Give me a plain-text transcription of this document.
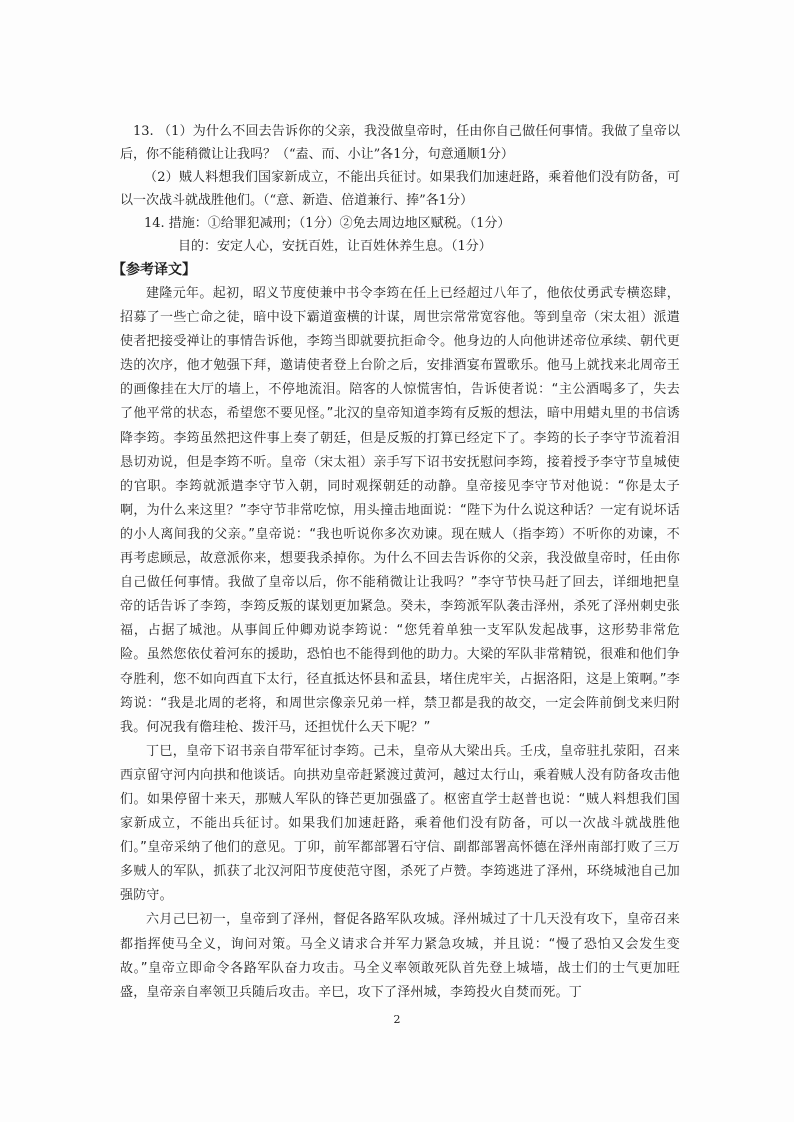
13. （1）为什么不回去告诉你的父亲，我没做皇帝时，任由你自己做任何事情。我做了皇帝以后，你不能稍微让让我吗？（“盍、而、小让”各1分，句意通顺1分）

（2）贼人料想我们国家新成立，不能出兵征讨。如果我们加速赶路，乘着他们没有防备，可以一次战斗就战胜他们。（“意、新造、倍道兼行、捧”各1分）

14. 措施：①给罪犯减刑；（1分）②免去周边地区赋税。（1分）

目的：安定人心，安抚百姓，让百姓休养生息。（1分）

【参考译文】

建隆元年。起初，昭义节度使兼中书令李筠在任上已经超过八年了，他依仗勇武专横恣肆，招募了一些亡命之徒，暗中设下霸道蛮横的计谋，周世宗常常宽容他。等到皇帝（宋太祖）派遣使者把接受禅让的事情告诉他，李筠当即就要抗拒命令。他身边的人向他讲述帝位承续、朝代更迭的次序，他才勉强下拜，邀请使者登上台阶之后，安排酒宴布置歌乐。他马上就找来北周帝王的画像挂在大厅的墙上，不停地流泪。陪客的人惊慌害怕，告诉使者说：“主公酒喝多了，失去了他平常的状态，希望您不要见怪。”北汉的皇帝知道李筠有反叛的想法，暗中用蜡丸里的书信诱降李筠。李筠虽然把这件事上奏了朝廷，但是反叛的打算已经定下了。李筠的长子李守节流着泪恳切劝说，但是李筠不听。皇帝（宋太祖）亲手写下诏书安抚慰问李筠，接着授予李守节皇城使的官职。李筠就派遣李守节入朝，同时观探朝廷的动静。皇帝接见李守节对他说：“你是太子啊，为什么来这里？”李守节非常吃惊，用头撞击地面说：“陛下为什么说这种话？一定有说坏话的小人离间我的父亲。”皇帝说：“我也听说你多次劝谏。现在贼人（指李筠）不听你的劝谏，不再考虑顾忌，故意派你来，想要我杀掉你。为什么不回去告诉你的父亲，我没做皇帝时，任由你自己做任何事情。我做了皇帝以后，你不能稍微让让我吗？”李守节快马赶了回去，详细地把皇帝的话告诉了李筠，李筠反叛的谋划更加紧急。癸未，李筠派军队袭击泽州，杀死了泽州刺史张福，占据了城池。从事闾丘仲卿劝说李筠说：“您凭着单独一支军队发起战事，这形势非常危险。虽然您依仗着河东的援助，恐怕也不能得到他的助力。大梁的军队非常精锐，很难和他们争夺胜利，您不如向西直下太行，径直抵达怀县和孟县，堵住虎牢关，占据洛阳，这是上策啊。”李筠说：“我是北周的老将，和周世宗像亲兄弟一样，禁卫都是我的故交，一定会阵前倒戈来归附我。何况我有儋珪枪、拨汗马，还担忧什么天下呢？”

丁巳，皇帝下诏书亲自带军征讨李筠。己未，皇帝从大梁出兵。壬戌，皇帝驻扎荥阳，召来西京留守河内向拱和他谈话。向拱劝皇帝赶紧渡过黄河，越过太行山，乘着贼人没有防备攻击他们。如果停留十来天，那贼人军队的锋芒更加强盛了。枢密直学士赵普也说：“贼人料想我们国家新成立，不能出兵征讨。如果我们加速赶路，乘着他们没有防备，可以一次战斗就战胜他们。”皇帝采纳了他们的意见。丁卯，前军都部署石守信、副都部署高怀德在泽州南部打败了三万多贼人的军队，抓获了北汉河阳节度使范守图，杀死了卢赞。李筠逃进了泽州，环绕城池自己加强防守。

六月己巳初一，皇帝到了泽州，督促各路军队攻城。泽州城过了十几天没有攻下，皇帝召来都指挥使马全义，询问对策。马全义请求合并军力紧急攻城，并且说：“慢了恐怕又会发生变故。”皇帝立即命令各路军队奋力攻击。马全义率领敢死队首先登上城墙，战士们的士气更加旺盛，皇帝亲自率领卫兵随后攻击。辛巳，攻下了泽州城，李筠投火自焚而死。丁

2
